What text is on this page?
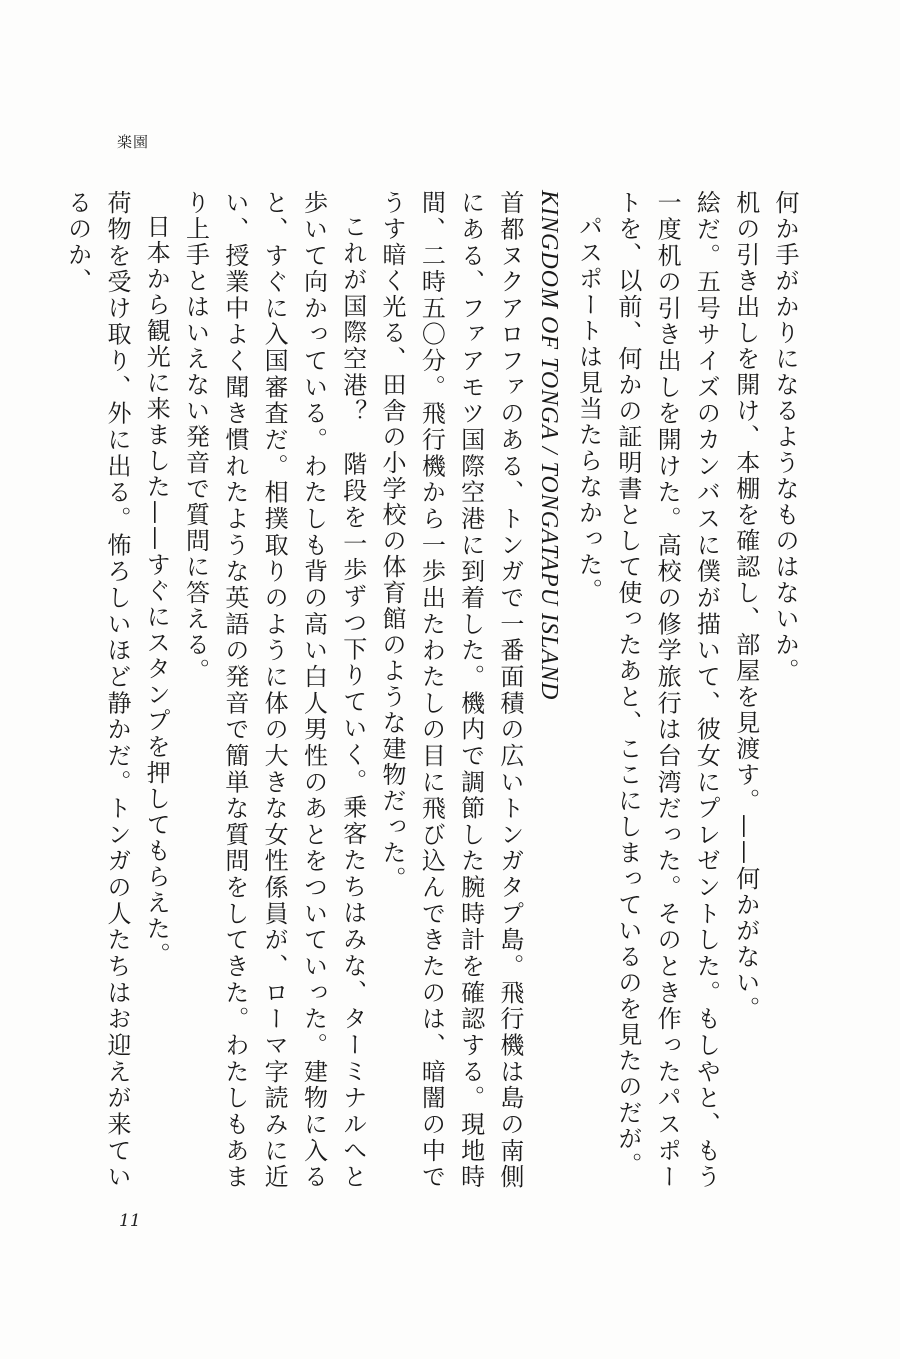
楽園

何か手がかりになるようなものはないか。

机の引き出しを開け、本棚を確認し、部屋を見渡す。——何かがない。

絵だ。五号サイズのカンバスに僕が描いて、彼女にプレゼントした。もしやと、もう一度机の引き出しを開けた。高校の修学旅行は台湾だった。そのとき作ったパスポートを、以前、何かの証明書として使ったあと、ここにしまっているのを見たのだが。

パスポートは見当たらなかった。

KINGDOM OF TONGA / TONGATAPU ISLAND

首都ヌクアロファのある、トンガで一番面積の広いトンガタプ島。飛行機は島の南側にある、ファアモツ国際空港に到着した。機内で調節した腕時計を確認する。現地時間、二時五〇分。飛行機から一歩出たわたしの目に飛び込んできたのは、暗闇の中でうす暗く光る、田舎の小学校の体育館のような建物だった。

これが国際空港？　階段を一歩ずつ下りていく。乗客たちはみな、ターミナルへと歩いて向かっている。わたしも背の高い白人男性のあとをついていった。建物に入ると、すぐに入国審査だ。相撲取りのように体の大きな女性係員が、ローマ字読みに近い、授業中よく聞き慣れたような英語の発音で簡単な質問をしてきた。わたしもあまり上手とはいえない発音で質問に答える。

日本から観光に来ました——すぐにスタンプを押してもらえた。

荷物を受け取り、外に出る。怖ろしいほど静かだ。トンガの人たちはお迎えが来ているのか、

11
